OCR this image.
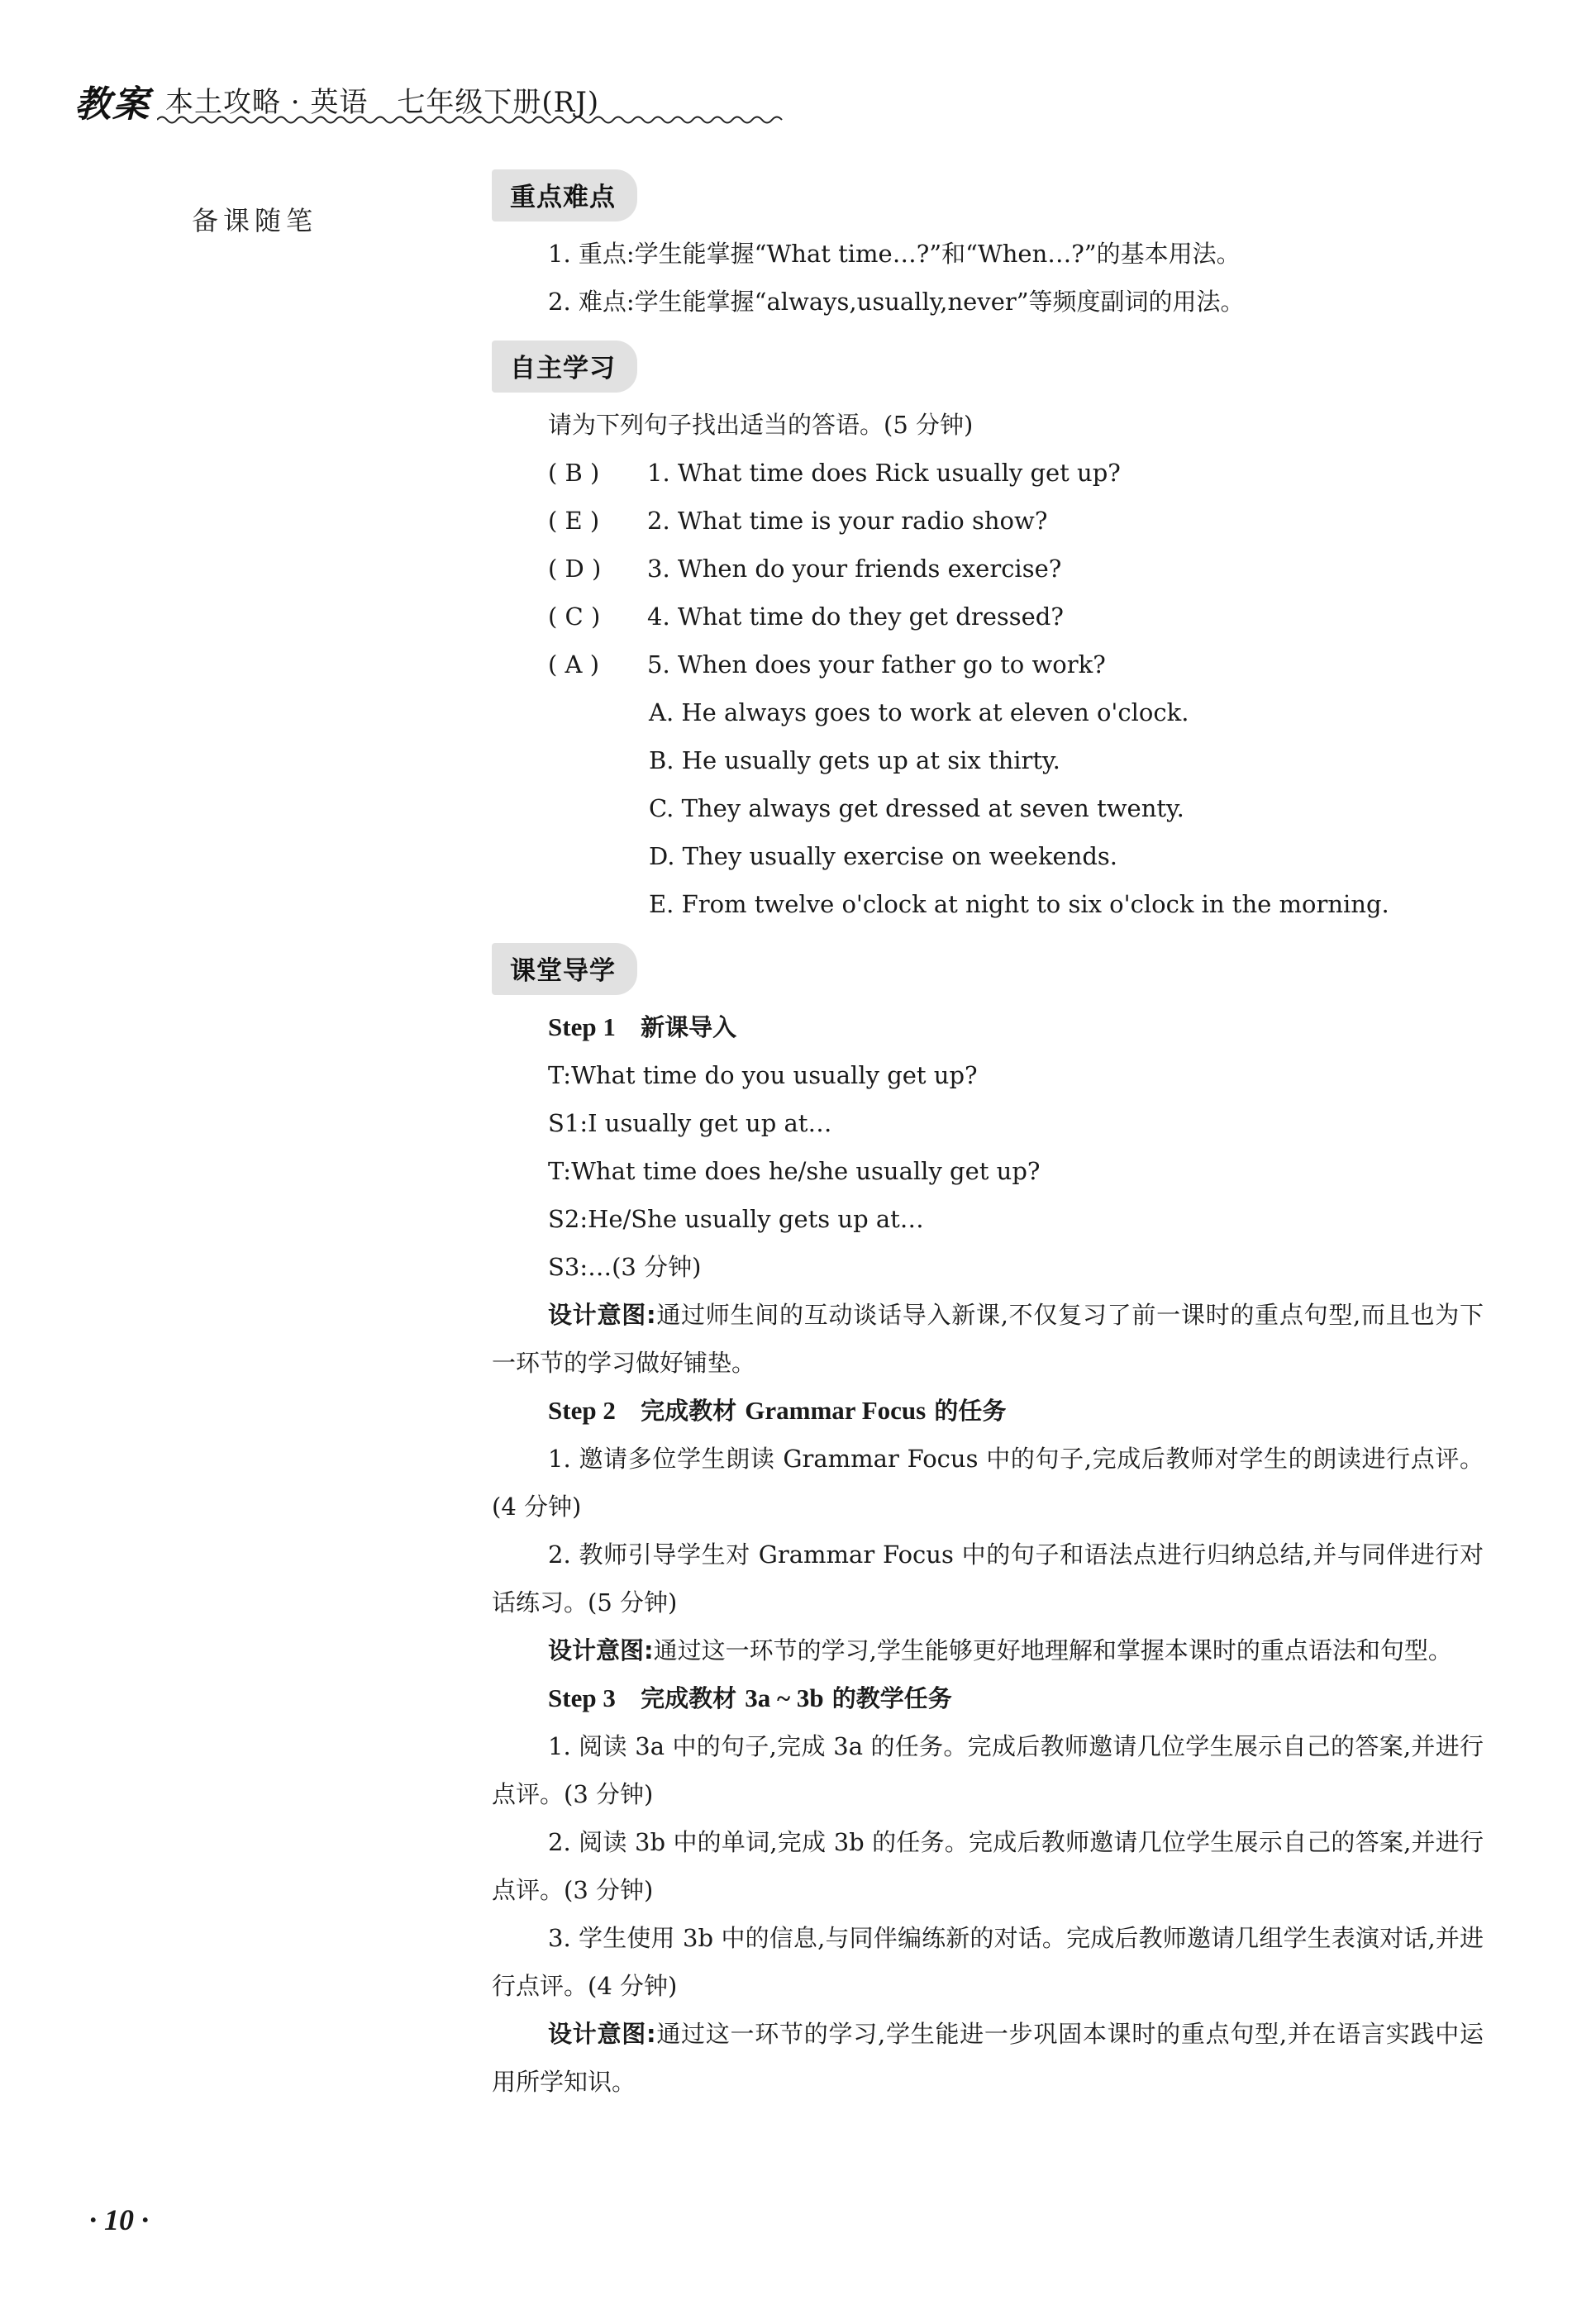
教案 本土攻略 · 英语　七年级下册(RJ)
备课随笔
重点难点
1. 重点:学生能掌握“What time…?”和“When…?”的基本用法。
2. 难点:学生能掌握“always,usually,never”等频度副词的用法。
自主学习
请为下列句子找出适当的答语。(5 分钟)
( B ) 1. What time does Rick usually get up?
( E ) 2. What time is your radio show?
( D ) 3. When do your friends exercise?
( C ) 4. What time do they get dressed?
( A ) 5. When does your father go to work?
A. He always goes to work at eleven o'clock.
B. He usually gets up at six thirty.
C. They always get dressed at seven twenty.
D. They usually exercise on weekends.
E. From twelve o'clock at night to six o'clock in the morning.
课堂导学
Step 1 新课导入
T:What time do you usually get up?
S1:I usually get up at…
T:What time does he/she usually get up?
S2:He/She usually gets up at…
S3:…(3 分钟)
设计意图:通过师生间的互动谈话导入新课,不仅复习了前一课时的重点句型,而且也为下一环节的学习做好铺垫。
Step 2 完成教材 Grammar Focus 的任务
1. 邀请多位学生朗读 Grammar Focus 中的句子,完成后教师对学生的朗读进行点评。(4 分钟)
2. 教师引导学生对 Grammar Focus 中的句子和语法点进行归纳总结,并与同伴进行对话练习。(5 分钟)
设计意图:通过这一环节的学习,学生能够更好地理解和掌握本课时的重点语法和句型。
Step 3 完成教材 3a ~ 3b 的教学任务
1. 阅读 3a 中的句子,完成 3a 的任务。完成后教师邀请几位学生展示自己的答案,并进行点评。(3 分钟)
2. 阅读 3b 中的单词,完成 3b 的任务。完成后教师邀请几位学生展示自己的答案,并进行点评。(3 分钟)
3. 学生使用 3b 中的信息,与同伴编练新的对话。完成后教师邀请几组学生表演对话,并进行点评。(4 分钟)
设计意图:通过这一环节的学习,学生能进一步巩固本课时的重点句型,并在语言实践中运用所学知识。
· 10 ·
